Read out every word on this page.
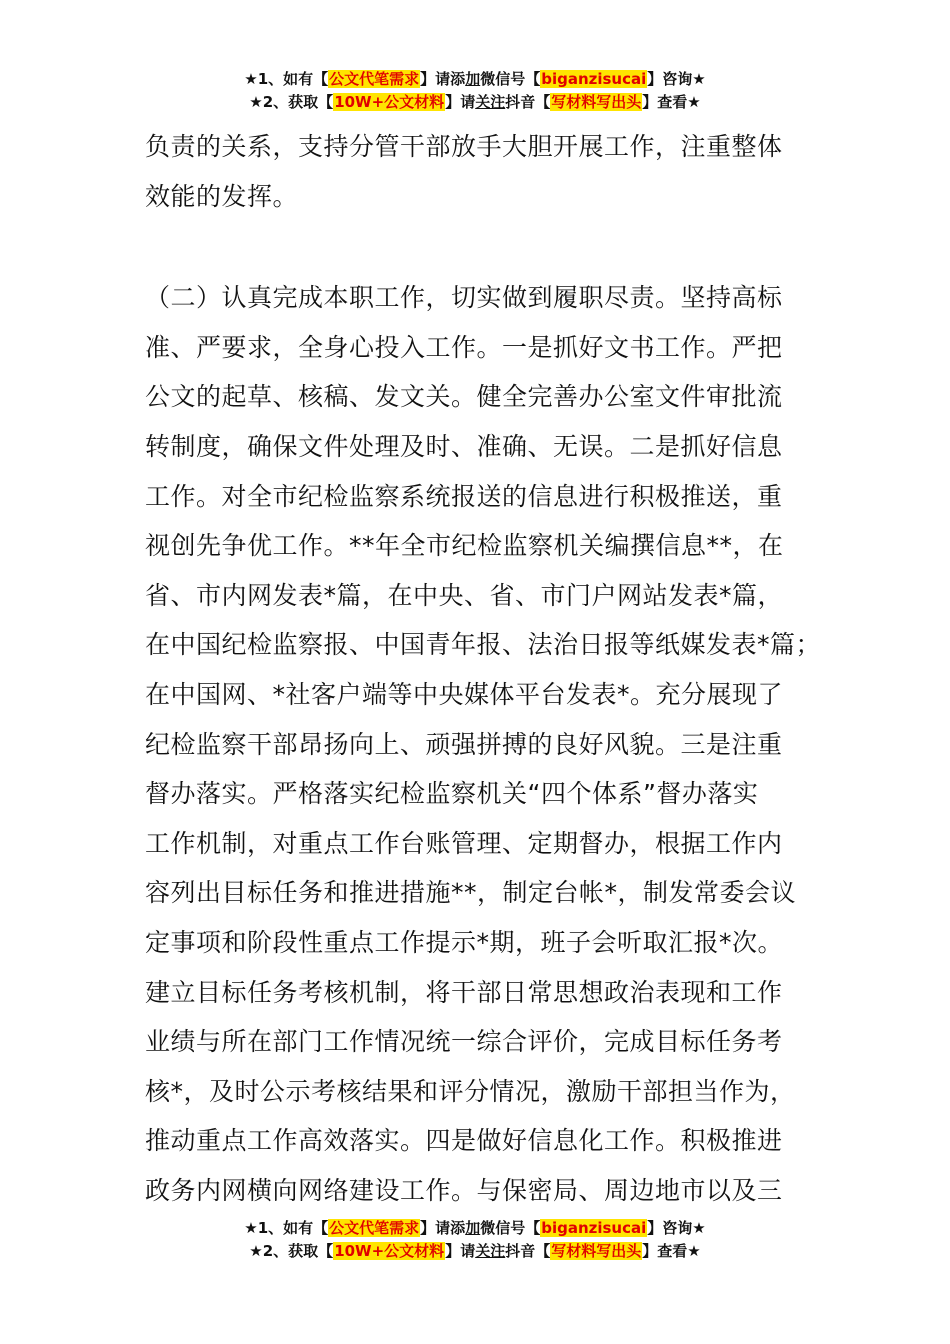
★1、如有【公文代笔需求】请添加微信号【biganzisucai】咨询★
★2、获取【10W+公文材料】请关注抖音【写材料写出头】查看★
负责的关系，支持分管干部放手大胆开展工作，注重整体
效能的发挥。
（二）认真完成本职工作，切实做到履职尽责。坚持高标
准、严要求，全身心投入工作。一是抓好文书工作。严把
公文的起草、核稿、发文关。健全完善办公室文件审批流
转制度，确保文件处理及时、准确、无误。二是抓好信息
工作。对全市纪检监察系统报送的信息进行积极推送，重
视创先争优工作。**年全市纪检监察机关编撰信息**，在
省、市内网发表*篇，在中央、省、市门户网站发表*篇，
在中国纪检监察报、中国青年报、法治日报等纸媒发表*篇；
在中国网、*社客户端等中央媒体平台发表*。充分展现了
纪检监察干部昂扬向上、顽强拼搏的良好风貌。三是注重
督办落实。严格落实纪检监察机关“四个体系”督办落实
工作机制，对重点工作台账管理、定期督办，根据工作内
容列出目标任务和推进措施**，制定台帐*，制发常委会议
定事项和阶段性重点工作提示*期，班子会听取汇报*次。
建立目标任务考核机制，将干部日常思想政治表现和工作
业绩与所在部门工作情况统一综合评价，完成目标任务考
核*，及时公示考核结果和评分情况，激励干部担当作为，
推动重点工作高效落实。四是做好信息化工作。积极推进
政务内网横向网络建设工作。与保密局、周边地市以及三
★1、如有【公文代笔需求】请添加微信号【biganzisucai】咨询★
★2、获取【10W+公文材料】请关注抖音【写材料写出头】查看★
